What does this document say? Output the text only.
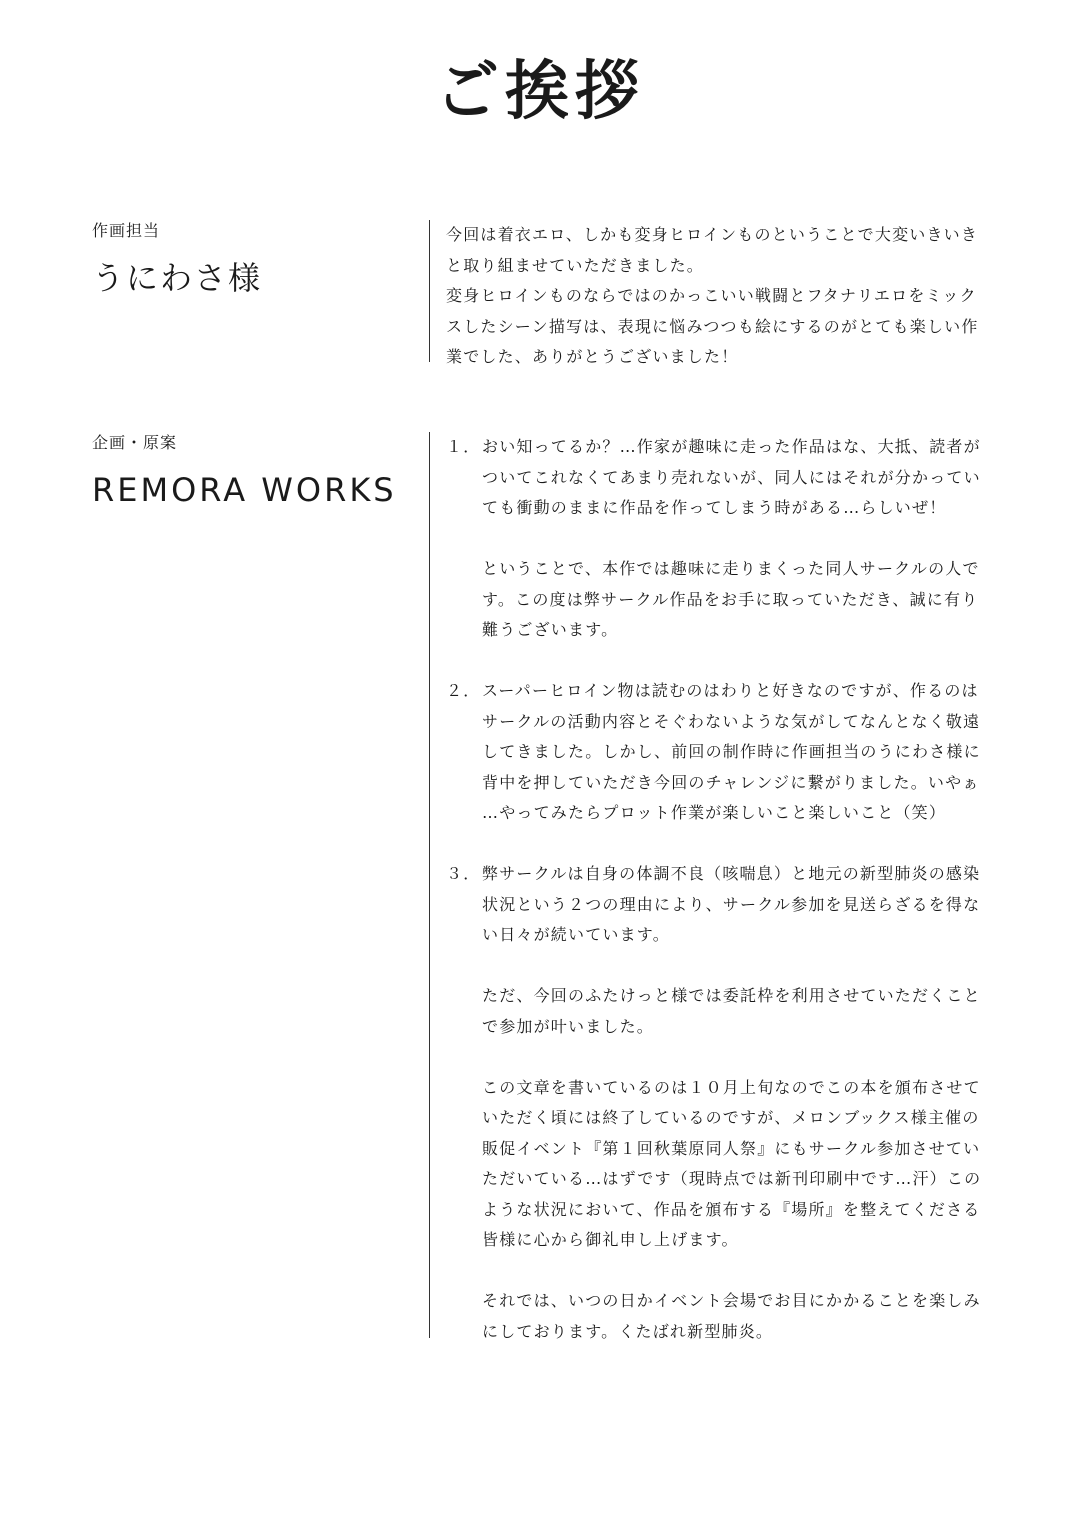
ご挨拶
作画担当
うにわさ様
今回は着衣エロ、しかも変身ヒロインものということで大変いきいき
と取り組ませていただきました。
変身ヒロインものならではのかっこいい戦闘とフタナリエロをミック
スしたシーン描写は、表現に悩みつつも絵にするのがとても楽しい作
業でした、ありがとうございました！
企画・原案
REMORA WORKS
１． おい知ってるか？…作家が趣味に走った作品はな、大抵、読者が
ついてこれなくてあまり売れないが、同人にはそれが分かってい
ても衝動のままに作品を作ってしまう時がある…らしいぜ！
ということで、本作では趣味に走りまくった同人サークルの人で
す。この度は弊サークル作品をお手に取っていただき、誠に有り
難うございます。
２． スーパーヒロイン物は読むのはわりと好きなのですが、作るのは
サークルの活動内容とそぐわないような気がしてなんとなく敬遠
してきました。しかし、前回の制作時に作画担当のうにわさ様に
背中を押していただき今回のチャレンジに繋がりました。いやぁ
…やってみたらプロット作業が楽しいこと楽しいこと（笑）
３． 弊サークルは自身の体調不良（咳喘息）と地元の新型肺炎の感染
状況という２つの理由により、サークル参加を見送らざるを得な
い日々が続いています。
ただ、今回のふたけっと様では委託枠を利用させていただくこと
で参加が叶いました。
この文章を書いているのは１０月上旬なのでこの本を頒布させて
いただく頃には終了しているのですが、メロンブックス様主催の
販促イベント『第１回秋葉原同人祭』にもサークル参加させてい
ただいている…はずです（現時点では新刊印刷中です…汗）この
ような状況において、作品を頒布する『場所』を整えてくださる
皆様に心から御礼申し上げます。
それでは、いつの日かイベント会場でお目にかかることを楽しみ
にしております。くたばれ新型肺炎。
